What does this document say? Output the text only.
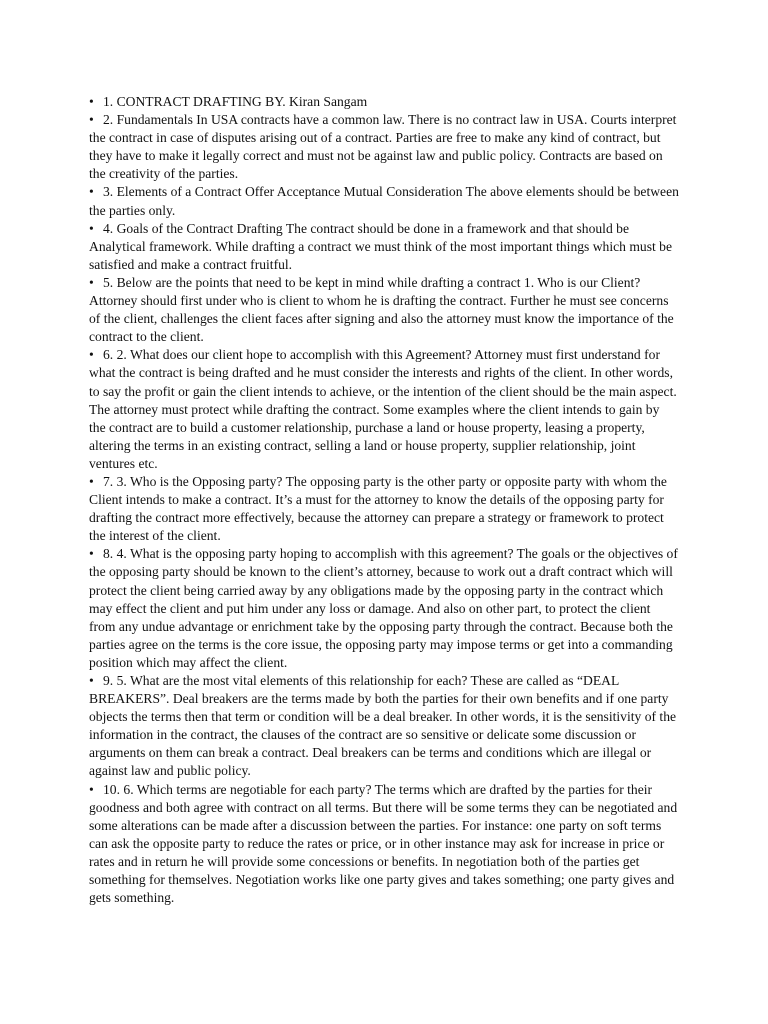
• 1. CONTRACT DRAFTING BY. Kiran Sangam

• 2. Fundamentals In USA contracts have a common law. There is no contract law in USA. Courts interpret the contract in case of disputes arising out of a contract. Parties are free to make any kind of contract, but they have to make it legally correct and must not be against law and public policy. Contracts are based on the creativity of the parties.

• 3. Elements of a Contract Offer Acceptance Mutual Consideration The above elements should be between the parties only.

• 4. Goals of the Contract Drafting The contract should be done in a framework and that should be Analytical framework. While drafting a contract we must think of the most important things which must be satisfied and make a contract fruitful.

• 5. Below are the points that need to be kept in mind while drafting a contract 1. Who is our Client? Attorney should first under who is client to whom he is drafting the contract. Further he must see concerns of the client, challenges the client faces after signing and also the attorney must know the importance of the contract to the client.

• 6. 2. What does our client hope to accomplish with this Agreement? Attorney must first understand for what the contract is being drafted and he must consider the interests and rights of the client. In other words, to say the profit or gain the client intends to achieve, or the intention of the client should be the main aspect. The attorney must protect while drafting the contract. Some examples where the client intends to gain by the contract are to build a customer relationship, purchase a land or house property, leasing a property, altering the terms in an existing contract, selling a land or house property, supplier relationship, joint ventures etc.

• 7. 3. Who is the Opposing party? The opposing party is the other party or opposite party with whom the Client intends to make a contract. It’s a must for the attorney to know the details of the opposing party for drafting the contract more effectively, because the attorney can prepare a strategy or framework to protect the interest of the client.

• 8. 4. What is the opposing party hoping to accomplish with this agreement? The goals or the objectives of the opposing party should be known to the client’s attorney, because to work out a draft contract which will protect the client being carried away by any obligations made by the opposing party in the contract which may effect the client and put him under any loss or damage. And also on other part, to protect the client from any undue advantage or enrichment take by the opposing party through the contract. Because both the parties agree on the terms is the core issue, the opposing party may impose terms or get into a commanding position which may affect the client.

• 9. 5. What are the most vital elements of this relationship for each? These are called as “DEAL BREAKERS”. Deal breakers are the terms made by both the parties for their own benefits and if one party objects the terms then that term or condition will be a deal breaker. In other words, it is the sensitivity of the information in the contract, the clauses of the contract are so sensitive or delicate some discussion or arguments on them can break a contract. Deal breakers can be terms and conditions which are illegal or against law and public policy.

• 10. 6. Which terms are negotiable for each party? The terms which are drafted by the parties for their goodness and both agree with contract on all terms. But there will be some terms they can be negotiated and some alterations can be made after a discussion between the parties. For instance: one party on soft terms can ask the opposite party to reduce the rates or price, or in other instance may ask for increase in price or rates and in return he will provide some concessions or benefits. In negotiation both of the parties get something for themselves. Negotiation works like one party gives and takes something; one party gives and gets something.
